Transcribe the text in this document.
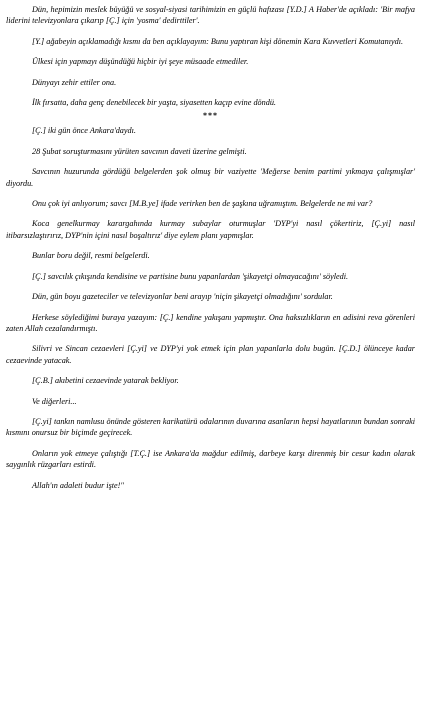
Dün, hepimizin meslek büyüğü ve sosyal-siyasi tarihimizin en güçlü hafızası [Y.D.] A Haber'de açıkladı: 'Bir mafya liderini televizyonlara çıkarıp [Ç.] için 'yosma' dedirttiler'.

[Y.] ağabeyin açıklamadığı kısmı da ben açıklayayım: Bunu yaptıran kişi dönemin Kara Kuvvetleri Komutanıydı.

Ülkesi için yapmayı düşündüğü hiçbir iyi şeye müsaade etmediler.

Dünyayı zehir ettiler ona.

İlk fırsatta, daha genç denebilecek bir yaşta, siyasetten kaçıp evine döndü.

***

[Ç.] iki gün önce Ankara'daydı.

28 Şubat soruşturmasını yürüten savcının daveti üzerine gelmişti.

Savcının huzurunda gördüğü belgelerden şok olmuş bir vaziyette 'Meğerse benim partimi yıkmaya çalışmışlar' diyordu.

Onu çok iyi anlıyorum; savcı [M.B.ye] ifade verirken ben de şaşkına uğramıştım. Belgelerde ne mi var?

Koca genelkurmay karargahında kurmay subaylar oturmuşlar 'DYP'yi nasıl çökertiriz, [Ç.yi] nasıl itibarsızlaştırırız, DYP'nin içini nasıl boşaltırız' diye eylem planı yapmışlar.

Bunlar boru değil, resmi belgelerdi.

[Ç.] savcılık çıkışında kendisine ve partisine bunu yapanlardan 'şikayetçi olmayacağını' söyledi.

Dün, gün boyu gazeteciler ve televizyonlar beni arayıp 'niçin şikayetçi olmadığını' sordular.

Herkese söylediğimi buraya yazayım: [Ç.] kendine yakışanı yapmıştır. Ona haksızlıkların en adisini reva görenleri zaten Allah cezalandırmıştı.

Silivri ve Sincan cezaevleri [Ç.yi] ve DYP'yi yok etmek için plan yapanlarla dolu bugün. [Ç.D.] ölünceye kadar cezaevinde yatacak.

[Ç.B.] akıbetini cezaevinde yatarak bekliyor.

Ve diğerleri...

[Ç.yi] tankın namlusu önünde gösteren karikatürü odalarının duvarına asanların hepsi hayatlarının bundan sonraki kısmını onursuz bir biçimde geçirecek.

Onların yok etmeye çalıştığı [T.Ç.] ise Ankara'da mağdur edilmiş, darbeye karşı direnmiş bir cesur kadın olarak saygınlık rüzgarları estirdi.

Allah'ın adaleti budur işte!"
